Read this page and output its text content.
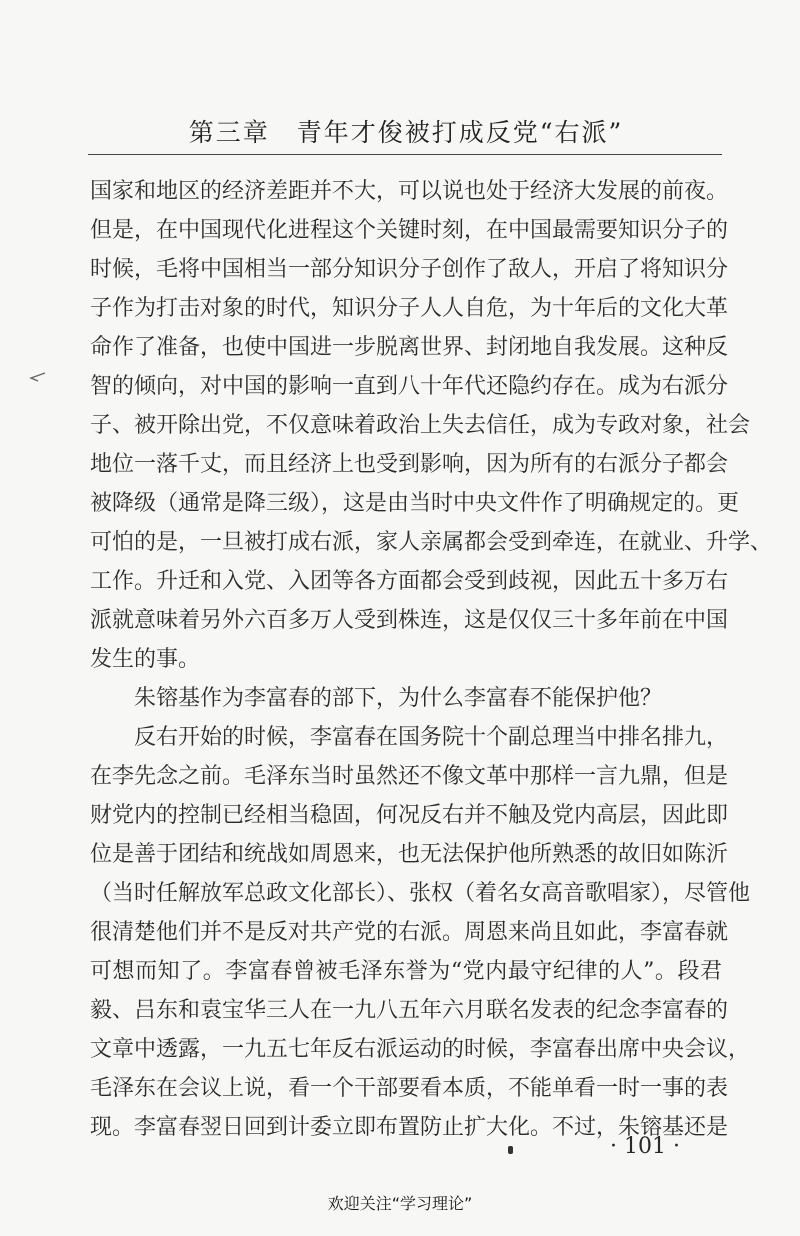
第三章　青年才俊被打成反党“右派”
国家和地区的经济差距并不大，可以说也处于经济大发展的前夜。
但是，在中国现代化进程这个关键时刻，在中国最需要知识分子的
时候，毛将中国相当一部分知识分子创作了敌人，开启了将知识分
子作为打击对象的时代，知识分子人人自危，为十年后的文化大革
命作了准备，也使中国进一步脱离世界、封闭地自我发展。这种反
智的倾向，对中国的影响一直到八十年代还隐约存在。成为右派分
子、被开除出党，不仅意味着政治上失去信任，成为专政对象，社会
地位一落千丈，而且经济上也受到影响，因为所有的右派分子都会
被降级（通常是降三级），这是由当时中央文件作了明确规定的。更
可怕的是，一旦被打成右派，家人亲属都会受到牵连，在就业、升学、
工作。升迁和入党、入团等各方面都会受到歧视，因此五十多万右
派就意味着另外六百多万人受到株连，这是仅仅三十多年前在中国
发生的事。
朱镕基作为李富春的部下，为什么李富春不能保护他？
反右开始的时候，李富春在国务院十个副总理当中排名排九，
在李先念之前。毛泽东当时虽然还不像文革中那样一言九鼎，但是
财党内的控制已经相当稳固，何况反右并不触及党内高层，因此即
位是善于团结和统战如周恩来，也无法保护他所熟悉的故旧如陈沂
（当时任解放军总政文化部长）、张权（着名女高音歌唱家），尽管他
很清楚他们并不是反对共产党的右派。周恩来尚且如此，李富春就
可想而知了。李富春曾被毛泽东誉为“党内最守纪律的人”。段君
毅、吕东和袁宝华三人在一九八五年六月联名发表的纪念李富春的
文章中透露，一九五七年反右派运动的时候，李富春出席中央会议，
毛泽东在会议上说，看一个干部要看本质，不能单看一时一事的表
现。李富春翌日回到计委立即布置防止扩大化。不过，朱镕基还是
· 101 ·
欢迎关注“学习理论”
